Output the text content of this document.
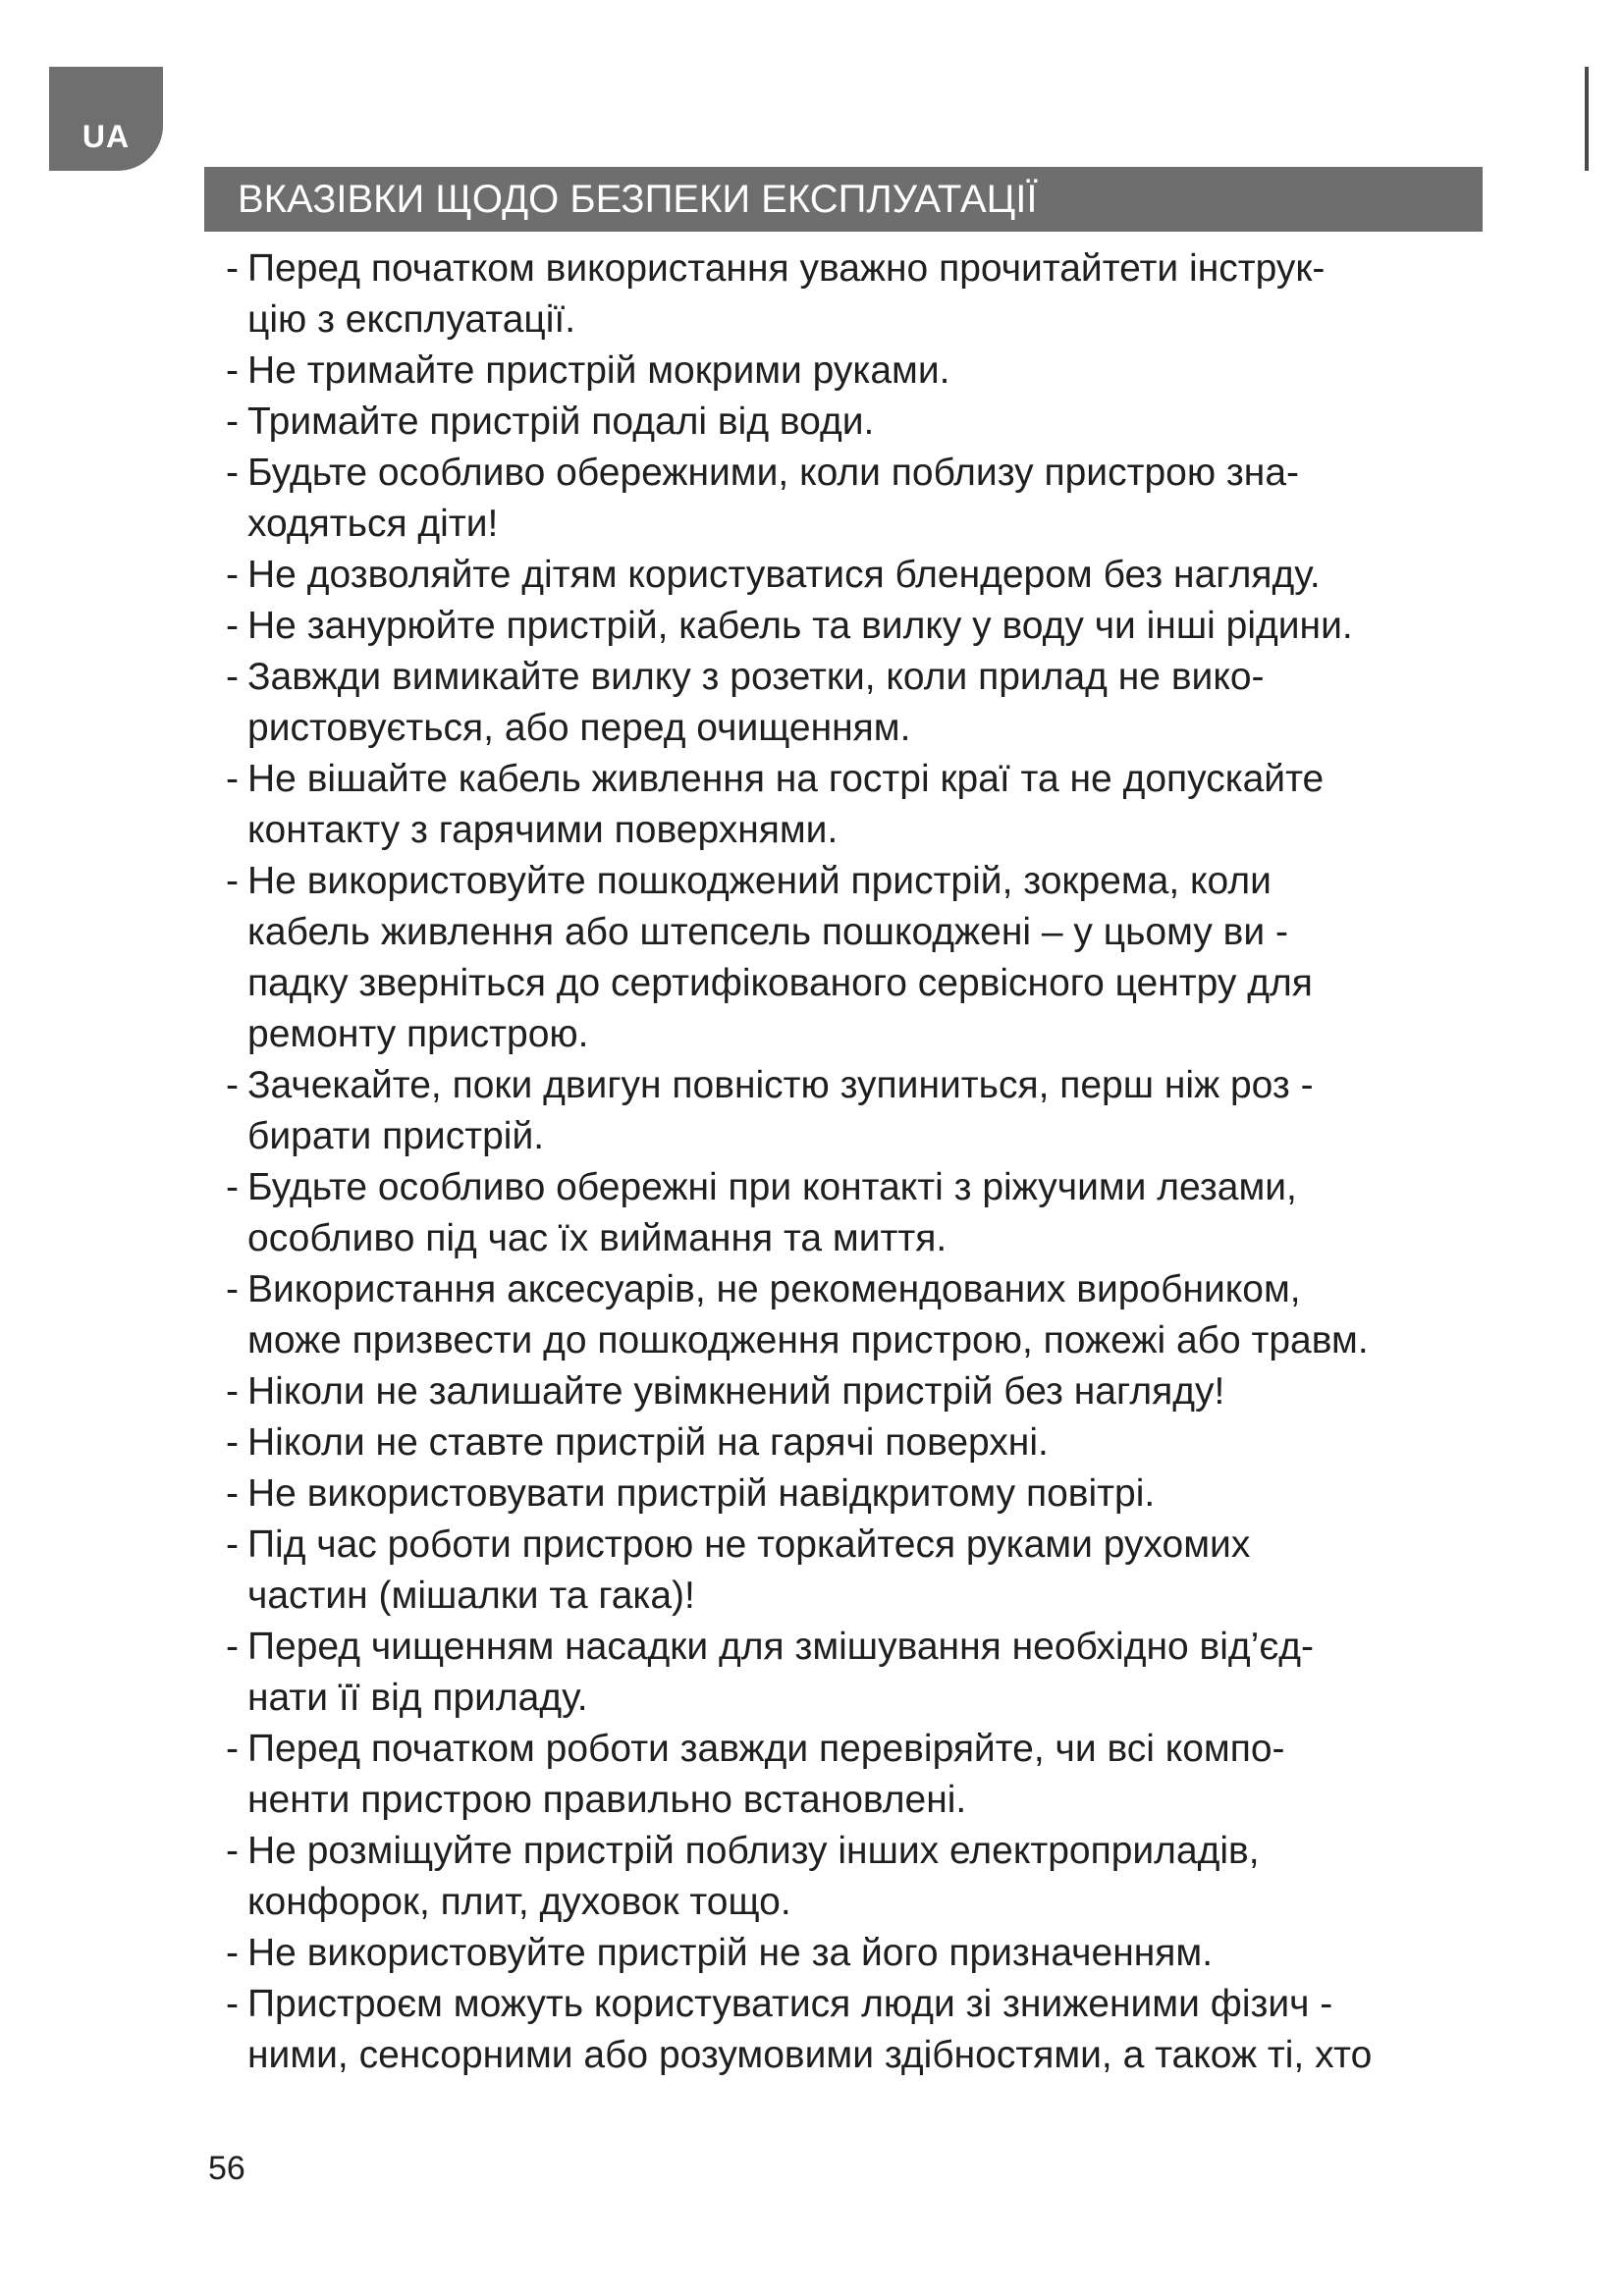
UA
ВКАЗІВКИ ЩОДО БЕЗПЕКИ ЕКСПЛУАТАЦІЇ
- Перед початком використання уважно прочитайтети інструк-
цію з експлуатації.
- Не тримайте пристрій мокрими руками.
- Тримайте пристрій подалі від води.
- Будьте особливо обережними, коли поблизу пристрою зна-
ходяться діти!
- Не дозволяйте дітям користуватися блендером без нагляду.
- Не занурюйте пристрій, кабель та вилку у воду чи інші рідини.
- Завжди вимикайте вилку з розетки, коли прилад не вико-
ристовується, або перед очищенням.
- Не вішайте кабель живлення на гострі краї та не допускайте
контакту з гарячими поверхнями.
- Не використовуйте пошкоджений пристрій, зокрема, коли
кабель живлення або штепсель пошкоджені – у цьому ви -
падку зверніться до сертифікованого сервісного центру для
ремонту пристрою.
- Зачекайте, поки двигун повністю зупиниться, перш ніж роз -
бирати пристрій.
- Будьте особливо обережні при контакті з ріжучими лезами,
особливо під час їх виймання та миття.
- Використання аксесуарів, не рекомендованих виробником,
може призвести до пошкодження пристрою, пожежі або травм.
- Ніколи не залишайте увімкнений пристрій без нагляду!
- Ніколи не ставте пристрій на гарячі поверхні.
- Не використовувати пристрій навідкритому повітрі.
- Під час роботи пристрою не торкайтеся руками рухомих
частин (мішалки та гака)!
- Перед чищенням насадки для змішування необхідно від’єд-
нати її від приладу.
- Перед початком роботи завжди перевіряйте, чи всі компо-
ненти пристрою правильно встановлені.
- Не розміщуйте пристрій поблизу інших електроприладів,
конфорок, плит, духовок тощо.
- Не використовуйте пристрій не за його призначенням.
- Пристроєм можуть користуватися люди зі зниженими фізич -
ними, сенсорними або розумовими здібностями, а також ті, хто
56
